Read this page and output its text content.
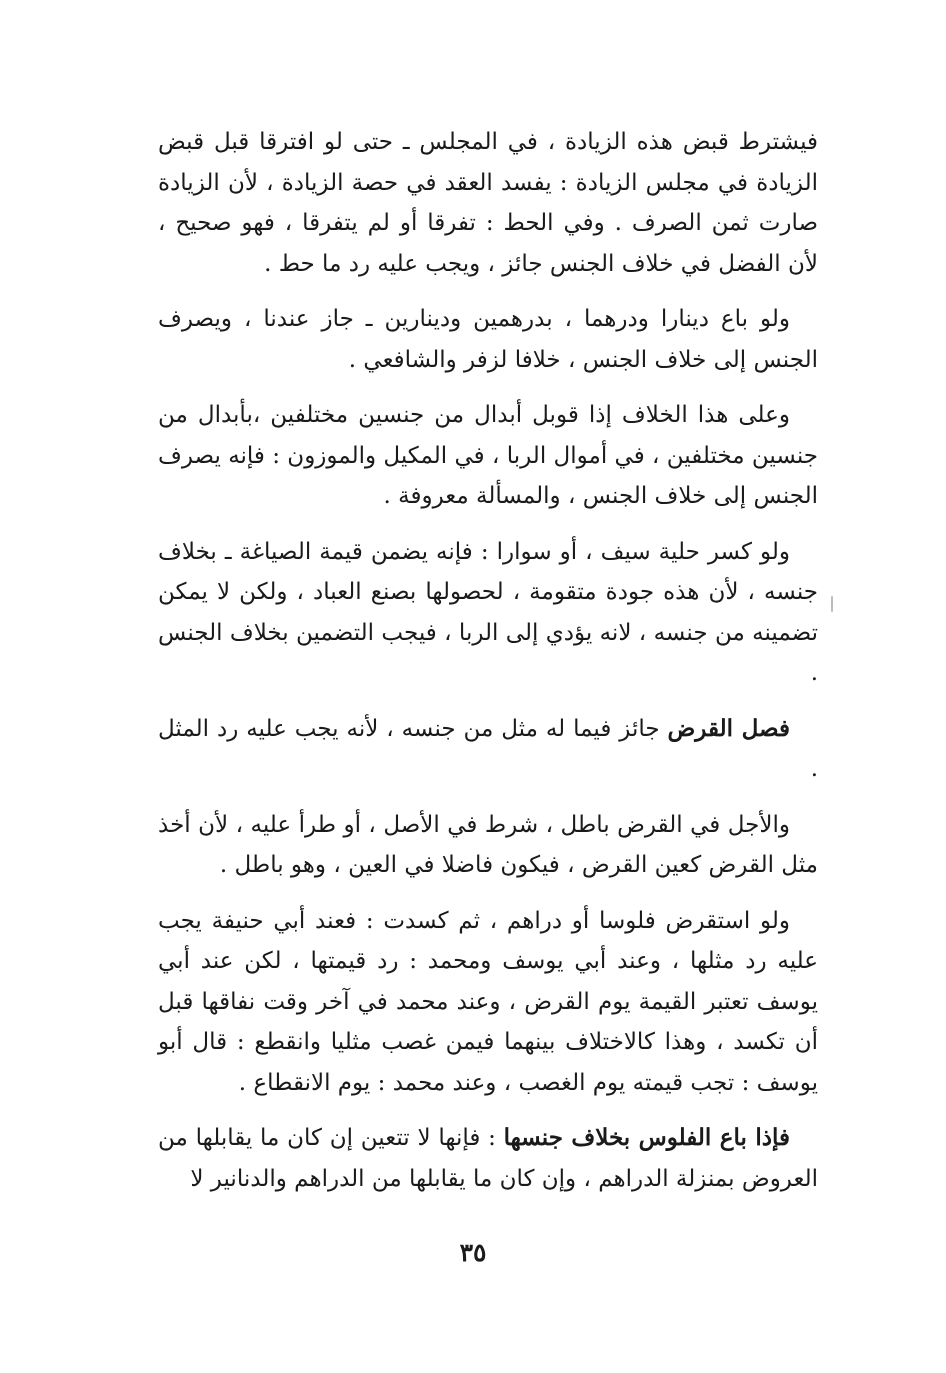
فيشترط قبض هذه الزيادة ، في المجلس ـ حتى لو افترقا قبل قبض الزيادة في مجلس الزيادة : يفسد العقد في حصة الزيادة ، لأن الزيادة صارت ثمن الصرف . وفي الحط : تفرقا أو لم يتفرقا ، فهو صحيح ، لأن الفضل في خلاف الجنس جائز ، ويجب عليه رد ما حط .

ولو باع دينارا ودرهما ، بدرهمين ودينارين ـ جاز عندنا ، ويصرف الجنس إلى خلاف الجنس ، خلافا لزفر والشافعي .

وعلى هذا الخلاف إذا قوبل أبدال من جنسين مختلفين ،بأبدال من جنسين مختلفين ، في أموال الربا ، في المكيل والموزون : فإنه يصرف الجنس إلى خلاف الجنس ، والمسألة معروفة .

ولو كسر حلية سيف ، أو سوارا : فإنه يضمن قيمة الصياغة ـ بخلاف جنسه ، لأن هذه جودة متقومة ، لحصولها بصنع العباد ، ولكن لا يمكن تضمينه من جنسه ، لانه يؤدي إلى الربا ، فيجب التضمين بخلاف الجنس .

فصل القرض جائز فيما له مثل من جنسه ، لأنه يجب عليه رد المثل .

والأجل في القرض باطل ، شرط في الأصل ، أو طرأ عليه ، لأن أخذ مثل القرض كعين القرض ، فيكون فاضلا في العين ، وهو باطل .

ولو استقرض فلوسا أو دراهم ، ثم كسدت : فعند أبي حنيفة يجب عليه رد مثلها ، وعند أبي يوسف ومحمد : رد قيمتها ، لكن عند أبي يوسف تعتبر القيمة يوم القرض ، وعند محمد في آخر وقت نفاقها قبل أن تكسد ، وهذا كالاختلاف بينهما فيمن غصب مثليا وانقطع : قال أبو يوسف : تجب قيمته يوم الغصب ، وعند محمد : يوم الانقطاع .

فإذا باع الفلوس بخلاف جنسها : فإنها لا تتعين إن كان ما يقابلها من العروض بمنزلة الدراهم ، وإن كان ما يقابلها من الدراهم والدنانير لا

٣٥
